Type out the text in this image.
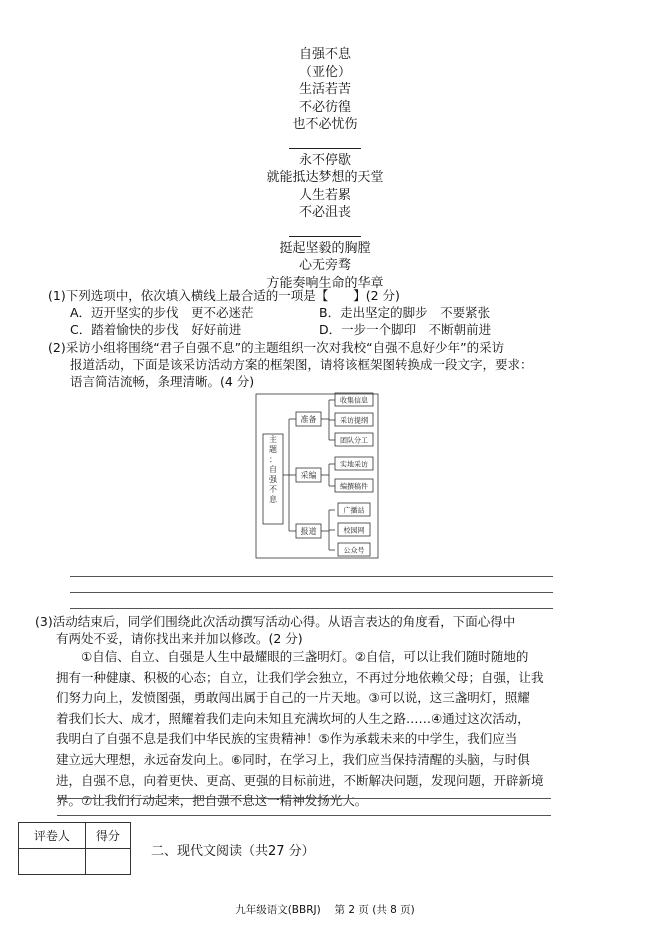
自强不息
（亚伦）
生活若苦
不必彷徨
也不必忧伤
永不停歇
就能抵达梦想的天堂
人生若累
不必沮丧
挺起坚毅的胸膛
心无旁骛
方能奏响生命的华章
(1)下列选项中，依次填入横线上最合适的一项是【　　】(2 分)
A．迈开坚实的步伐　更不必迷茫	B．走出坚定的脚步　不要紧张
C．踏着愉快的步伐　好好前进	D．一步一个脚印　不断朝前进
(2)采访小组将围绕“君子自强不息”的主题组织一次对我校“自强不息好少年”的采访
报道活动，下面是该采访活动方案的框架图，请将该框架图转换成一段文字，要求：
语言简洁流畅，条理清晰。(4 分)
主题：自强不息
准备
采编
报道
收集信息
采访提纲
团队分工
实地采访
编撰稿件
广播站
校园网
公众号
(3)活动结束后，同学们围绕此次活动撰写活动心得。从语言表达的角度看，下面心得中
有两处不妥，请你找出来并加以修改。(2 分)
　　①自信、自立、自强是人生中最耀眼的三盏明灯。②自信，可以让我们随时随地的
拥有一种健康、积极的心态；自立，让我们学会独立，不再过分地依赖父母；自强，让我
们努力向上，发愤图强，勇敢闯出属于自己的一片天地。③可以说，这三盏明灯，照耀
着我们长大、成才，照耀着我们走向未知且充满坎坷的人生之路……④通过这次活动，
我明白了自强不息是我们中华民族的宝贵精神！⑤作为承载未来的中学生，我们应当
建立远大理想，永远奋发向上。⑥同时，在学习上，我们应当保持清醒的头脑，与时俱
进，自强不息，向着更快、更高、更强的目标前进，不断解决问题，发现问题，开辟新境
界。⑦让我们行动起来，把自强不息这一精神发扬光大。
评卷人	得分

二、现代文阅读（共27 分）
九年级语文(BBRJ)　 第 2 页 (共 8 页)
